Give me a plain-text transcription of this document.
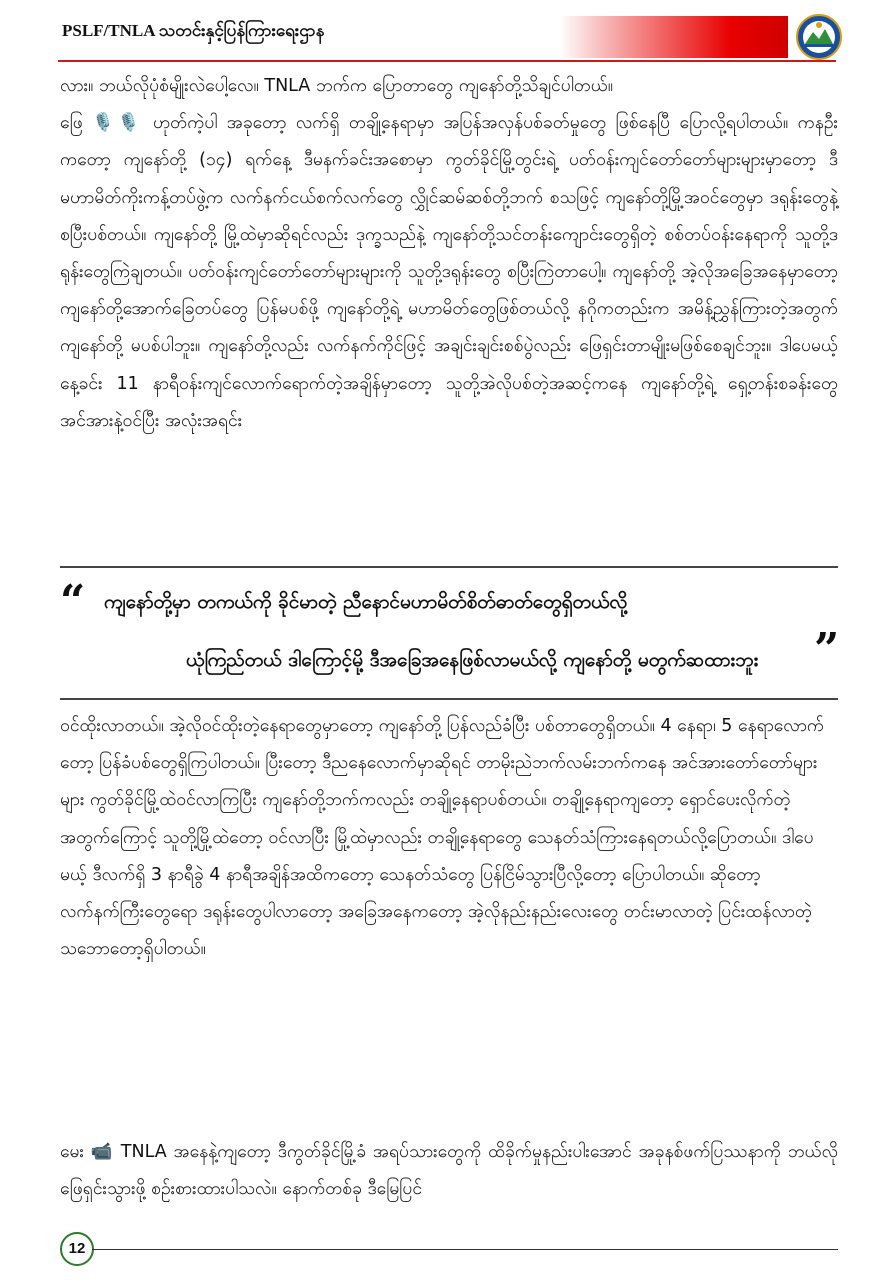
PSLF/TNLA သတင်းနှင့်ပြန်ကြားရေးဌာန

လား။ ဘယ်လိုပုံစံမျိုးလဲပေါ့လေ။ TNLA ဘက်က ပြောတာတွေ ကျနော်တို့သိချင်ပါတယ်။

ဖြေ 🎙️🎙️ ဟုတ်ကဲ့ပါ အခုတော့ လက်ရှိ တချို့နေရာမှာ အပြန်အလှန်ပစ်ခတ်မှုတွေ ဖြစ်နေပြီ ပြောလို့ရပါတယ်။ ကနဦးကတော့ ကျနော်တို့ (၁၄) ရက်နေ့ ဒီမနက်ခင်းအစောမှာ ကွတ်ခိုင်မြို့တွင်းရဲ့ ပတ်ဝန်းကျင်တော်တော်များများမှာတော့ ဒီမဟာမိတ်ကိုးကန့်တပ်ဖွဲ့က လက်နက်ငယ်စက်လက်တွေ လွှိုင်ဆမ်ဆစ်တို့ဘက် စသဖြင့် ကျနော်တို့မြို့အဝင်တွေမှာ ဒရုန်းတွေနဲ့ စပြီးပစ်တယ်။ ကျနော်တို့ မြို့ထဲမှာဆိုရင်လည်း ဒုက္ခသည်နဲ့ ကျနော်တို့သင်တန်းကျောင်းတွေရှိတဲ့ စစ်တပ်ဝန်းနေရာကို သူတို့ဒရုန်းတွေကြဲချတယ်။ ပတ်ဝန်းကျင်တော်တော်များများကို သူတို့ဒရုန်းတွေ စပြီးကြဲတာပေါ့။ ကျနော်တို့ အဲ့လိုအခြေအနေမှာတော့ ကျနော်တို့အောက်ခြေတပ်တွေ ပြန်မပစ်ဖို့ ကျနော်တို့ရဲ့ မဟာမိတ်တွေဖြစ်တယ်လို့ နဂိုကတည်းက အမိန့်ညွှန်ကြားတဲ့အတွက် ကျနော်တို့ မပစ်ပါဘူး။ ကျနော်တို့လည်း လက်နက်ကိုင်ဖြင့် အချင်းချင်းစစ်ပွဲလည်း ဖြေရှင်းတာမျိုးမဖြစ်စေချင်ဘူး။ ဒါပေမယ့် နေ့ခင်း 11 နာရီဝန်းကျင်လောက်ရောက်တဲ့အချိန်မှာတော့ သူတို့အဲလိုပစ်တဲ့အဆင့်ကနေ ကျနော်တို့ရဲ့ ရှေ့တန်းစခန်းတွေ အင်အားနဲ့ဝင်ပြီး အလုံးအရင်း

“ ကျနော်တို့မှာ တကယ်ကို ခိုင်မာတဲ့ ညီနောင်မဟာမိတ်စိတ်ဓာတ်တွေရှိတယ်လို့
ယုံကြည်တယ် ဒါကြောင့်မို့ ဒီအခြေအနေဖြစ်လာမယ်လို့ ကျနော်တို့ မတွက်ဆထားဘူး ”

ဝင်ထိုးလာတယ်။ အဲ့လိုဝင်ထိုးတဲ့နေရာတွေမှာတော့ ကျနော်တို့ ပြန်လည်ခံပြီး ပစ်တာတွေရှိတယ်။ 4 နေရာ၊ 5 နေရာလောက်တော့ ပြန်ခံပစ်တွေရှိကြပါတယ်။ ပြီးတော့ ဒီညနေလောက်မှာဆိုရင် တာမိုးညဲဘက်လမ်းဘက်ကနေ အင်အားတော်တော်များများ ကွတ်ခိုင်မြို့ထဲဝင်လာကြပြီး ကျနော်တို့ဘက်ကလည်း တချို့နေရာပစ်တယ်။ တချို့နေရာကျတော့ ရှောင်ပေးလိုက်တဲ့အတွက်ကြောင့် သူတို့မြို့ထဲတော့ ဝင်လာပြီး မြို့ထဲမှာလည်း တချို့နေရာတွေ သေနတ်သံကြားနေရတယ်လို့ပြောတယ်။ ဒါပေမယ့် ဒီလက်ရှိ 3 နာရီခွဲ 4 နာရီအချိန်အထိကတော့ သေနတ်သံတွေ ပြန်ငြိမ်သွားပြီလို့တော့ ပြောပါတယ်။ ဆိုတော့ လက်နက်ကြီးတွေရော ဒရုန်းတွေပါလာတော့ အခြေအနေကတော့ အဲ့လိုနည်းနည်းလေးတွေ တင်းမာလာတဲ့ ပြင်းထန်လာတဲ့သဘောတော့ရှိပါတယ်။

မေး 📹 TNLA အနေနဲ့ကျတော့ ဒီကွတ်ခိုင်မြို့ခံ အရပ်သားတွေကို ထိခိုက်မှုနည်းပါးအောင် အခုနစ်ဖက်ပြဿနာကို ဘယ်လိုဖြေရှင်းသွားဖို့ စဉ်းစားထားပါသလဲ။ နောက်တစ်ခု ဒီမြေပြင်

12
